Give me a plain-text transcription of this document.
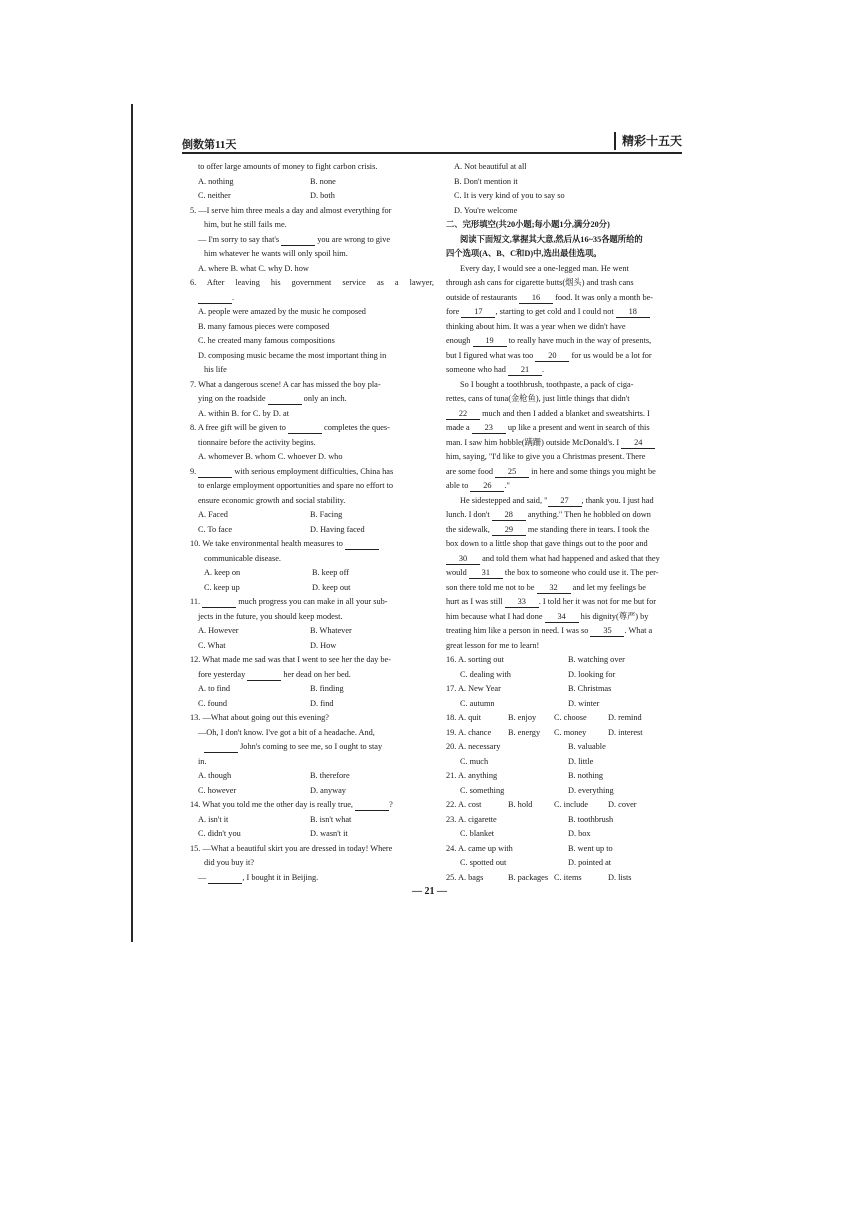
倒数第11天	精彩十五天
to offer large amounts of money to fight carbon crisis.
A. nothing	B. none
C. neither	D. both
5. —I serve him three meals a day and almost everything for
him, but he still fails me.
— I'm sorry to say that's	you are wrong to give
him whatever he wants will only spoil him.
A. where B. what C. why D. how
6. After leaving his government service as a lawyer,
.
A. people were amazed by the music he composed
B. many famous pieces were composed
C. he created many famous compositions
D. composing music became the most important thing in
his life
7. What a dangerous scene! A car has missed the boy pla-
ying on the roadside	only an inch.
A. within B. for C. by D. at
8. A free gift will be given to	completes the ques-
tionnaire before the activity begins.
A. whomever B. whom C. whoever D. who
9.	with serious employment difficulties, China has
to enlarge employment opportunities and spare no effort to
ensure economic growth and social stability.
A. Faced	B. Facing
C. To face	D. Having faced
10. We take environmental health measures to
communicable disease.
A. keep on	B. keep off
C. keep up	D. keep out
11.	much progress you can make in all your sub-
jects in the future, you should keep modest.
A. However	B. Whatever
C. What	D. How
12. What made me sad was that I went to see her the day be-
fore yesterday	her dead on her bed.
A. to find	B. finding
C. found	D. find
13. —What about going out this evening?
—Oh, I don't know. I've got a bit of a headache. And,
John's coming to see me, so I ought to stay
in.
A. though	B. therefore
C. however	D. anyway
14. What you told me the other day is really true,	?
A. isn't it	B. isn't what
C. didn't you	D. wasn't it
15. —What a beautiful skirt you are dressed in today! Where
did you buy it?
—	, I bought it in Beijing.
A. Not beautiful at all
B. Don't mention it
C. It is very kind of you to say so
D. You're welcome
二、完形填空(共20小题;每小题1分,满分20分)
阅读下面短文,掌握其大意,然后从16~35各题所给的
四个选项(A、B、C和D)中,选出最佳选项。
Every day, I would see a one-legged man. He went
through ash cans for cigarette butts(烟头) and trash cans
outside of restaurants 16 food. It was only a month be-
fore 17 , starting to get cold and I could not 18
thinking about him. It was a year when we didn't have
enough 19 to really have much in the way of presents,
but I figured what was too 20 for us would be a lot for
someone who had 21 .
So I bought a toothbrush, toothpaste, a pack of ciga-
rettes, cans of tuna(金枪鱼), just little things that didn't
22 much and then I added a blanket and sweatshirts. I
made a 23 up like a present and went in search of this
man. I saw him hobble(蹒跚) outside McDonald's. I 24
him, saying, "I'd like to give you a Christmas present. There
are some food 25 in here and some things you might be
able to 26 ."
He sidestepped and said, " 27 , thank you. I just had
lunch. I don't 28 anything." Then he hobbled on down
the sidewalk, 29 me standing there in tears. I took the
box down to a little shop that gave things out to the poor and
30 and told them what had happened and asked that they
would 31 the box to someone who could use it. The per-
son there told me not to be 32 and let my feelings be
hurt as I was still 33 . I told her it was not for me but for
him because what I had done 34 his dignity(尊严) by
treating him like a person in need. I was so 35 . What a
great lesson for me to learn!
16. A. sorting out	B. watching over
C. dealing with	D. looking for
17. A. New Year	B. Christmas
C. autumn	D. winter
18. A. quit	B. enjoy	C. choose	D. remind
19. A. chance	B. energy	C. money	D. interest
20. A. necessary	B. valuable
C. much	D. little
21. A. anything	B. nothing
C. something	D. everything
22. A. cost	B. hold	C. include	D. cover
23. A. cigarette	B. toothbrush
C. blanket	D. box
24. A. came up with	B. went up to
C. spotted out	D. pointed at
25. A. bags	B. packages C. items	D. lists
— 21 —
